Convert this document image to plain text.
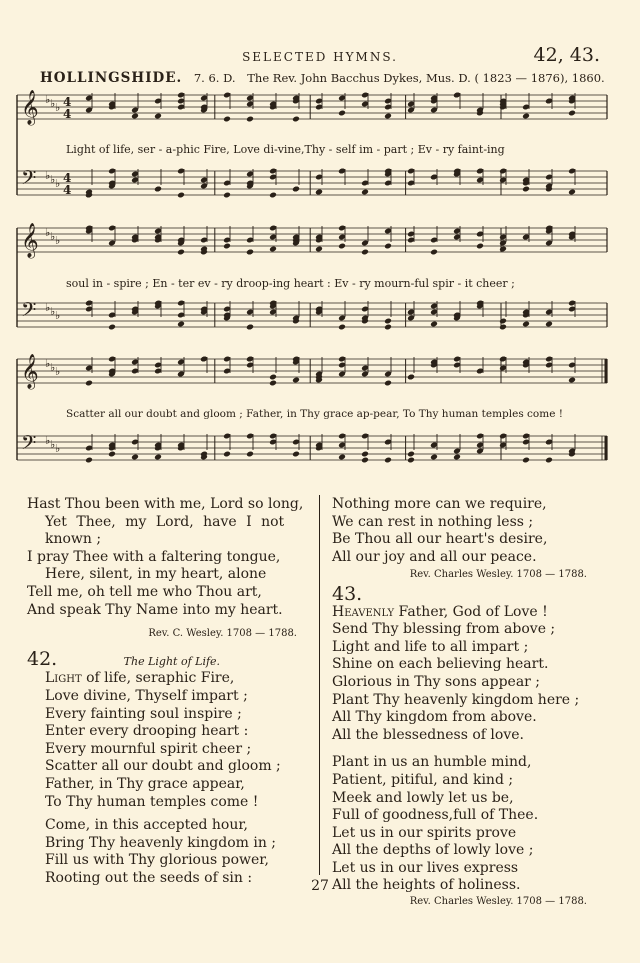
SELECTED HYMNS.	42, 43.
HOLLINGSHIDE. 7. 6. D. The Rev. John Bacchus Dykes, Mus. D. ( 1823 — 1876), 1860.
𝄞 ♭ ♭ ♭ 4
4
𝄢 ♭ ♭ ♭ 4
4
𝄞 ♭ ♭ ♭
𝄢 ♭ ♭ ♭
𝄞 ♭ ♭ ♭
𝄢 ♭ ♭ ♭
Light of life, ser - a-phic Fire, Love di-vine,Thy - self im - part ; Ev - ry faint-ing
soul in - spire ; En - ter ev - ry droop-ing heart : Ev - ry mourn-ful spir - it cheer ;
Scatter all our doubt and gloom ; Father, in Thy grace ap-pear, To Thy human temples come !
Hast Thou been with me, Lord so long,
Yet Thee, my Lord, have I not
known ;
I pray Thee with a faltering tongue,
Here, silent, in my heart, alone
Tell me, oh tell me who Thou art,
And speak Thy Name into my heart.
Rev. C. Wesley. 1708 — 1788.
42.	The Light of Life.
Light of life, seraphic Fire,
Love divine, Thyself impart ;
Every fainting soul inspire ;
Enter every drooping heart :
Every mournful spirit cheer ;
Scatter all our doubt and gloom ;
Father, in Thy grace appear,
To Thy human temples come !
Come, in this accepted hour,
Bring Thy heavenly kingdom in ;
Fill us with Thy glorious power,
Rooting out the seeds of sin :
Nothing more can we require,
We can rest in nothing less ;
Be Thou all our heart's desire,
All our joy and all our peace.
Rev. Charles Wesley. 1708 — 1788.
43.
Heavenly Father, God of Love !
Send Thy blessing from above ;
Light and life to all impart ;
Shine on each believing heart.
Glorious in Thy sons appear ;
Plant Thy heavenly kingdom here ;
All Thy kingdom from above.
All the blessedness of love.
Plant in us an humble mind,
Patient, pitiful, and kind ;
Meek and lowly let us be,
Full of goodness,full of Thee.
Let us in our spirits prove
All the depths of lowly love ;
Let us in our lives express
All the heights of holiness.
Rev. Charles Wesley. 1708 — 1788.
27
